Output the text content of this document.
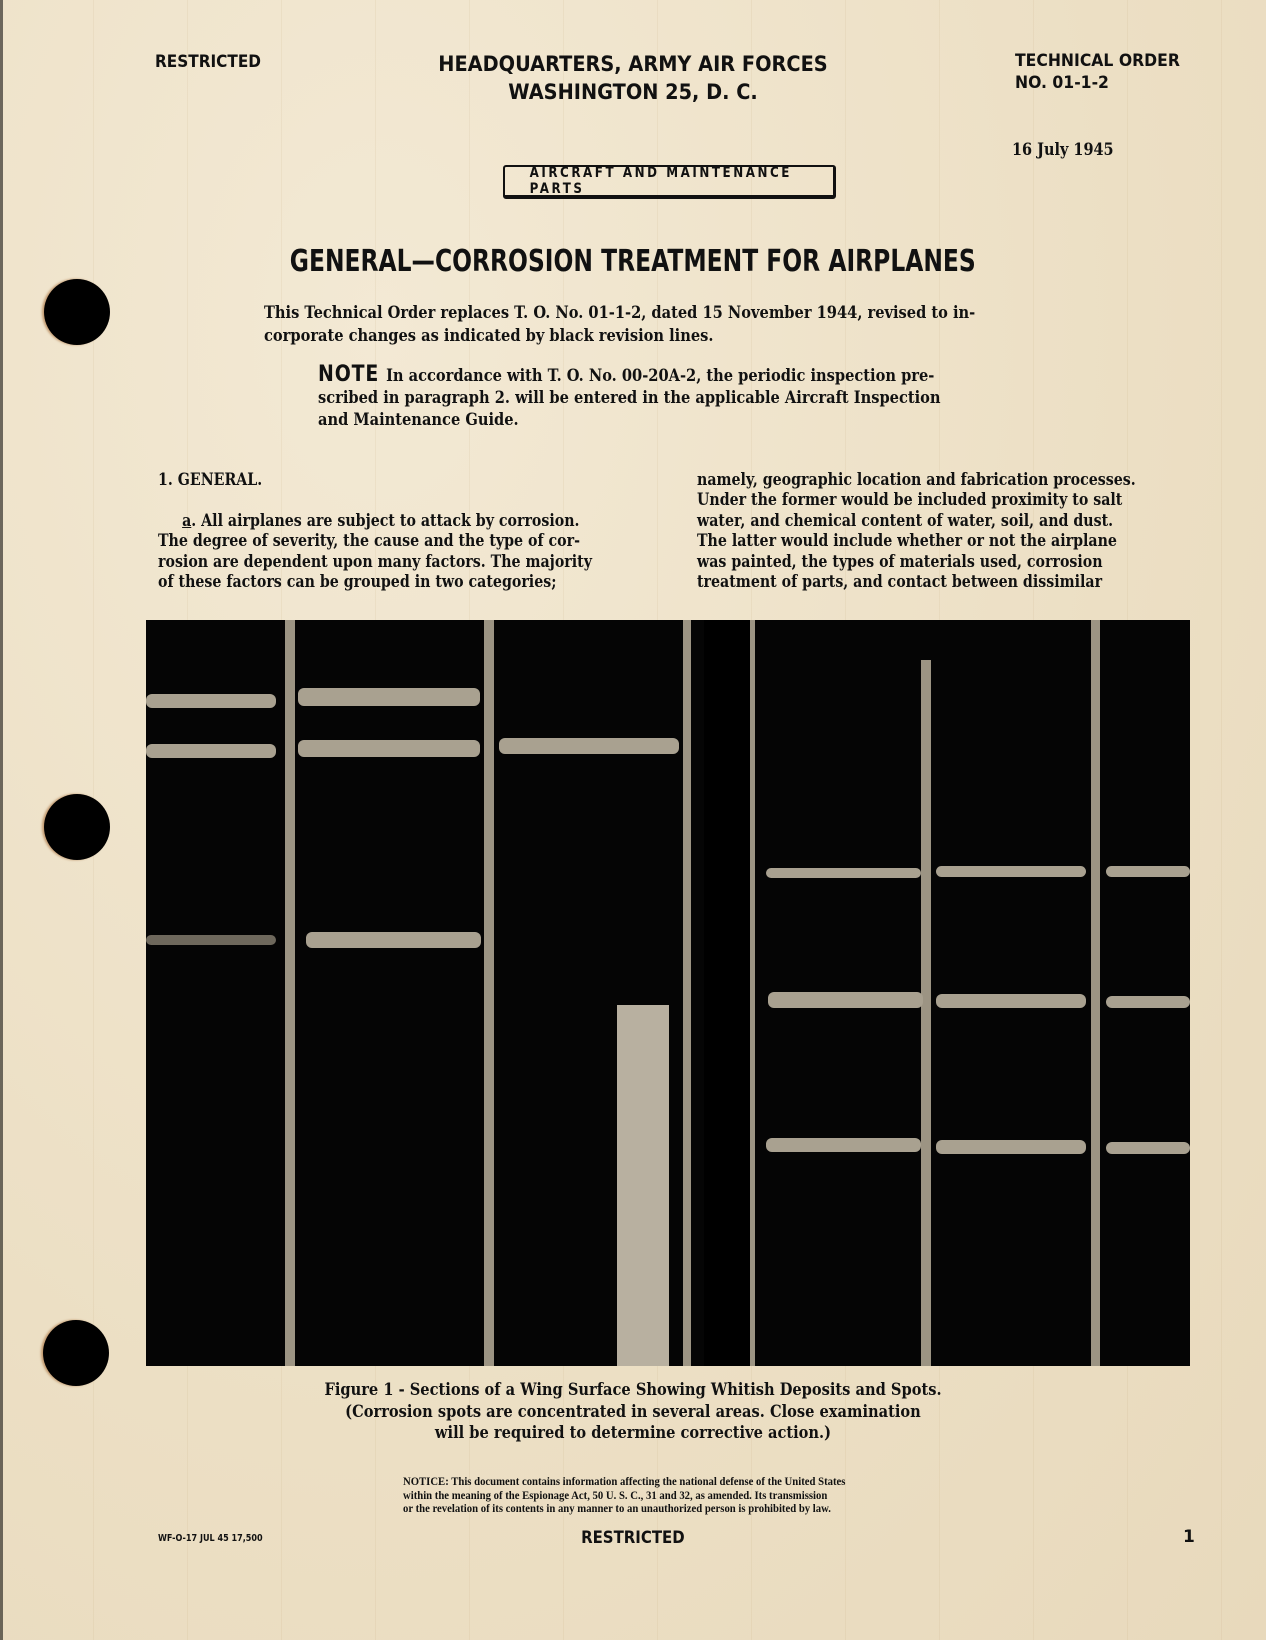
RESTRICTED	HEADQUARTERS, ARMY AIR FORCES
WASHINGTON 25, D. C.
TECHNICAL ORDER
NO. 01-1-2
16 July 1945
AIRCRAFT AND MAINTENANCE PARTS
GENERAL—CORROSION TREATMENT FOR AIRPLANES
This Technical Order replaces T. O. No. 01-1-2, dated 15 November 1944, revised to in-
corporate changes as indicated by black revision lines.
NOTE In accordance with T. O. No. 00-20A-2, the periodic inspection pre-
scribed in paragraph 2. will be entered in the applicable Aircraft Inspection
and Maintenance Guide.
1. GENERAL.

a. All airplanes are subject to attack by corrosion.
The degree of severity, the cause and the type of cor-
rosion are dependent upon many factors. The majority
of these factors can be grouped in two categories;
namely, geographic location and fabrication processes.
Under the former would be included proximity to salt
water, and chemical content of water, soil, and dust.
The latter would include whether or not the airplane
was painted, the types of materials used, corrosion
treatment of parts, and contact between dissimilar
Figure 1 - Sections of a Wing Surface Showing Whitish Deposits and Spots.
(Corrosion spots are concentrated in several areas. Close examination
will be required to determine corrective action.)
NOTICE: This document contains information affecting the national defense of the United States
within the meaning of the Espionage Act, 50 U. S. C., 31 and 32, as amended. Its transmission
or the revelation of its contents in any manner to an unauthorized person is prohibited by law.
WF-O-17 JUL 45 17,500	RESTRICTED	1
